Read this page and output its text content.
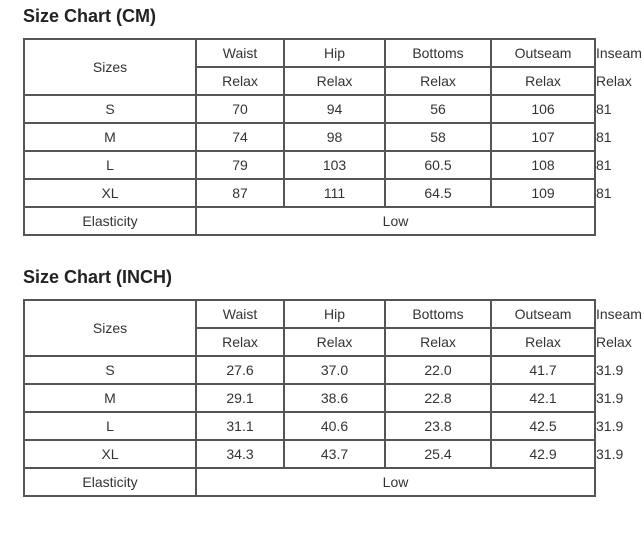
Size Chart (CM)
Sizes	Waist	Hip	Bottoms	Outseam	Inseam
	Relax	Relax	Relax	Relax	Relax
S	70	94	56	106	81
M	74	98	58	107	81
L	79	103	60.5	108	81
XL	87	111	64.5	109	81
Elasticity	Low				
Size Chart (INCH)
Sizes	Waist	Hip	Bottoms	Outseam	Inseam
	Relax	Relax	Relax	Relax	Relax
S	27.6	37.0	22.0	41.7	31.9
M	29.1	38.6	22.8	42.1	31.9
L	31.1	40.6	23.8	42.5	31.9
XL	34.3	43.7	25.4	42.9	31.9
Elasticity	Low				
